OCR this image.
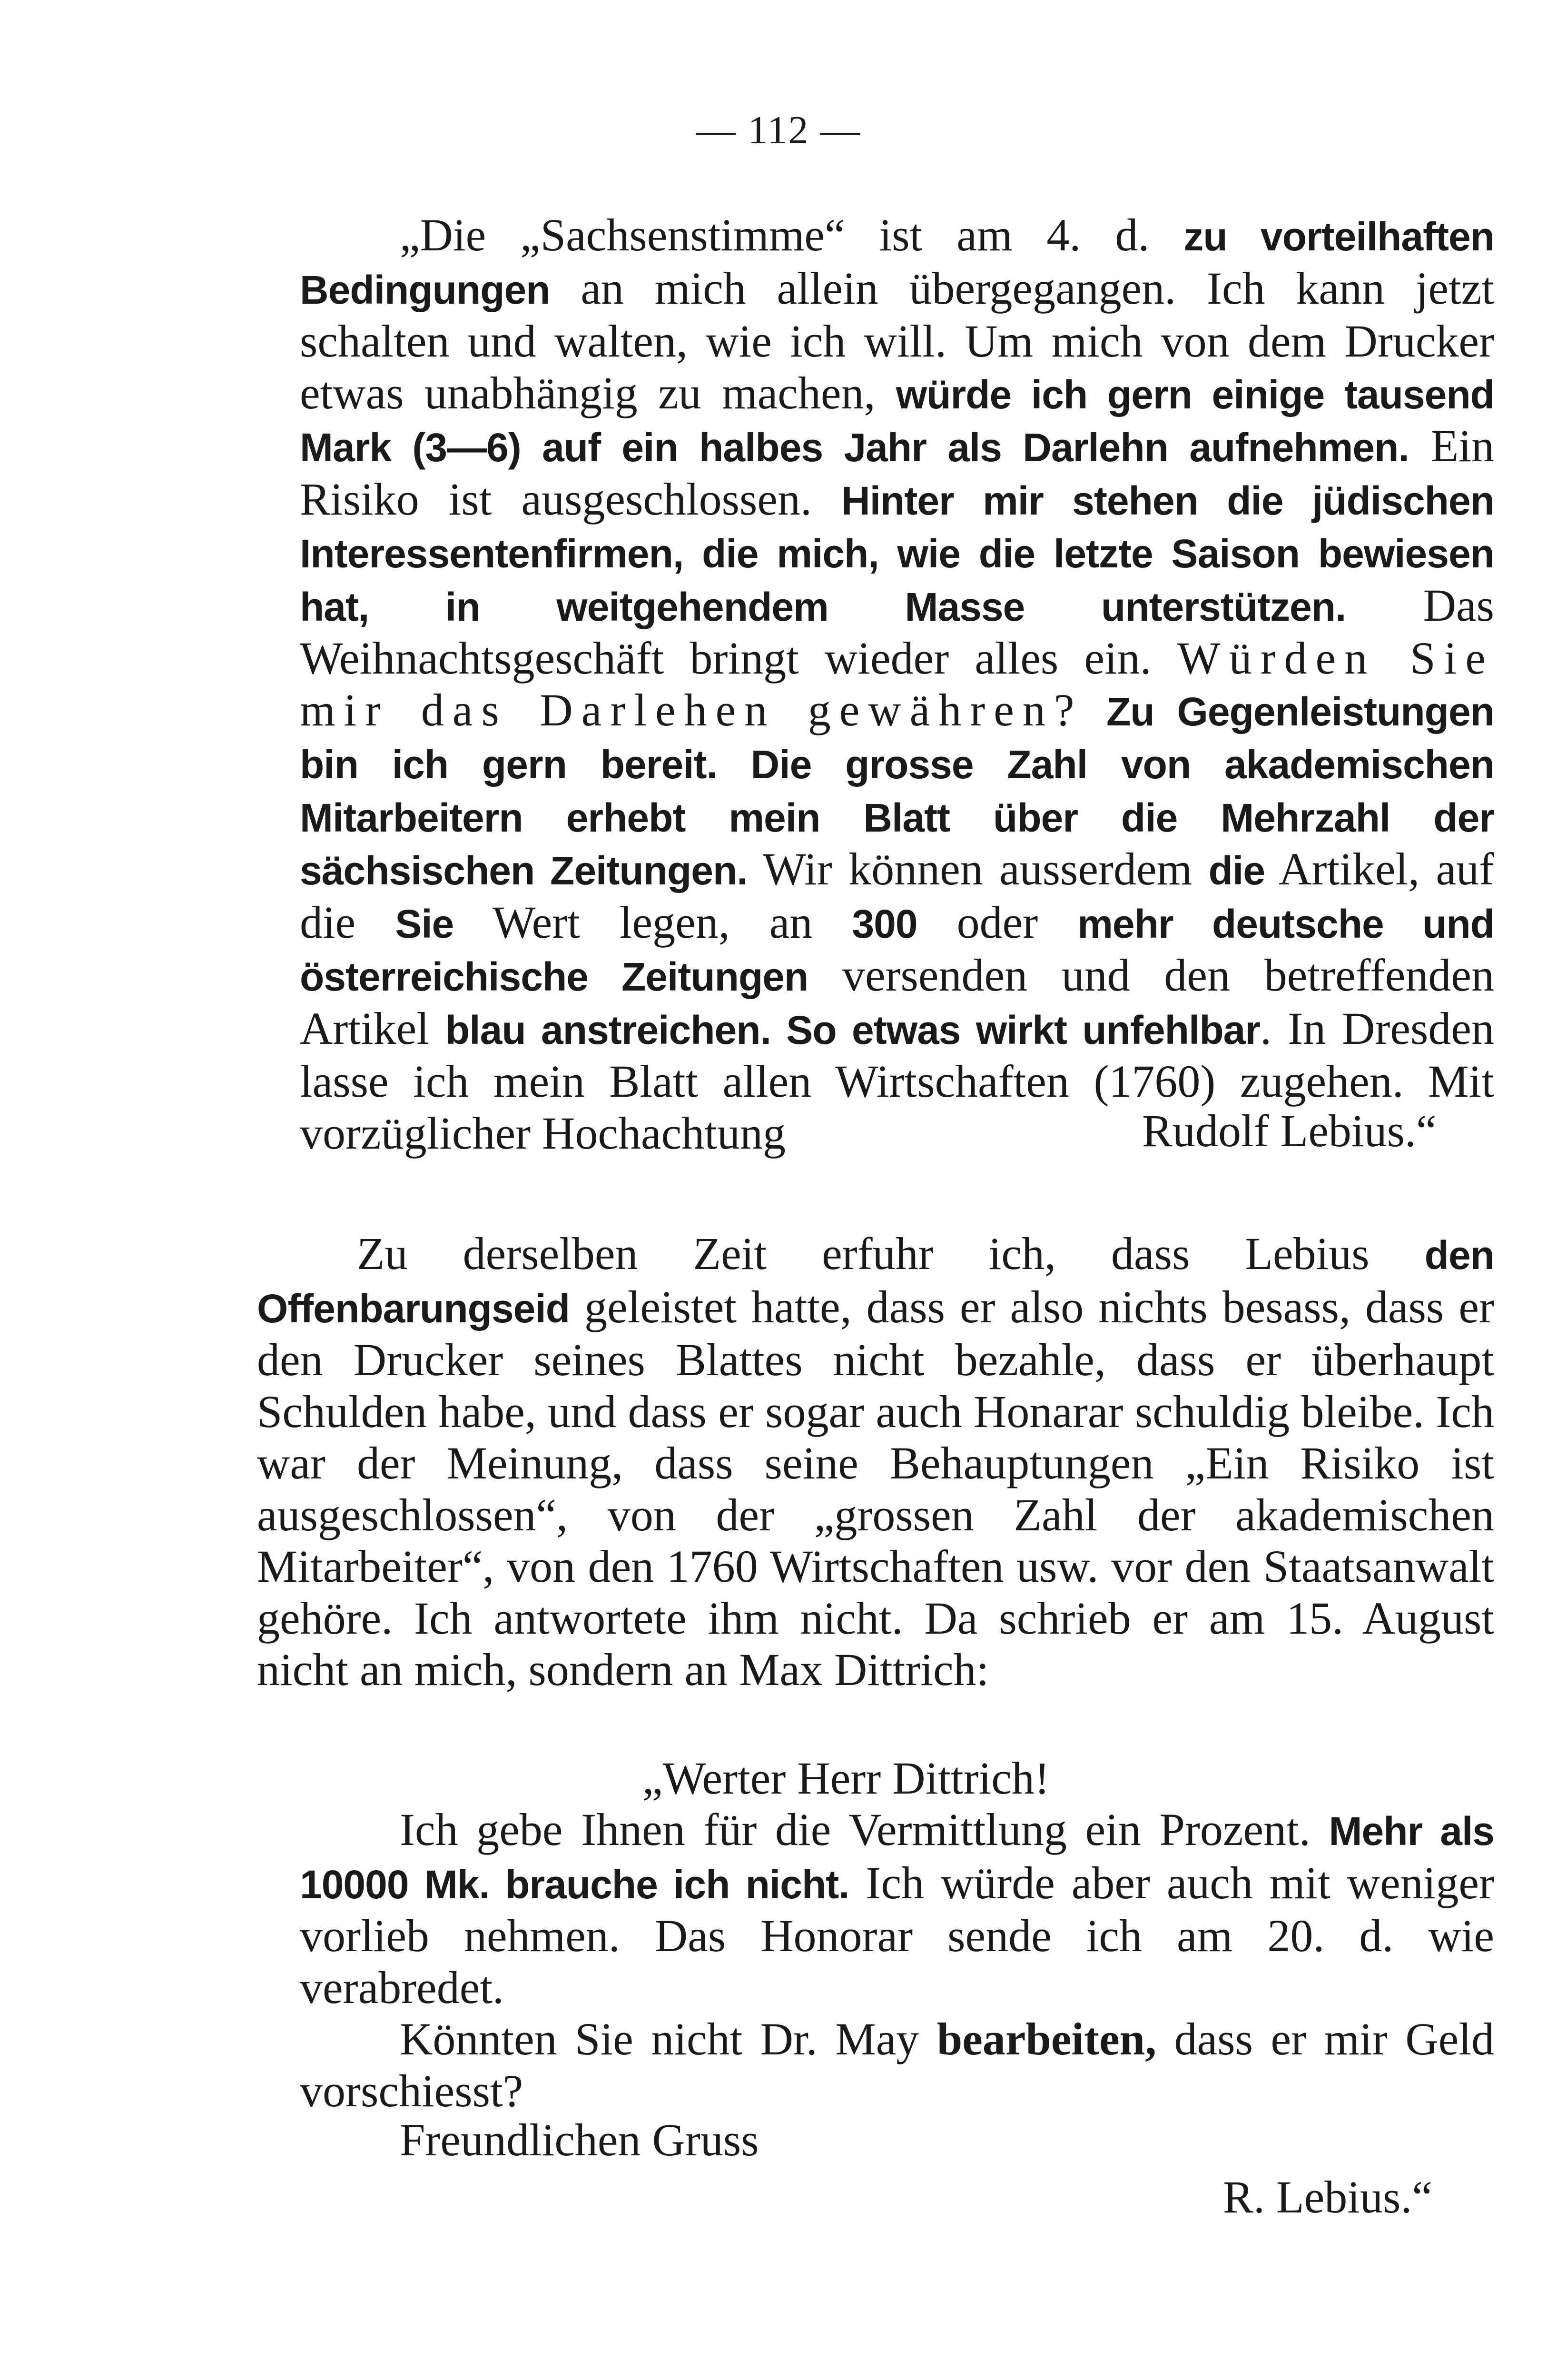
— 112 —

„Die „Sachsenstimme“ ist am 4. d. zu vorteilhaften Bedingungen an mich allein übergegangen. Ich kann jetzt schalten und walten, wie ich will. Um mich von dem Drucker etwas unabhängig zu machen, würde ich gern einige tausend Mark (3—6) auf ein halbes Jahr als Darlehn aufnehmen. Ein Risiko ist ausgeschlossen. Hinter mir stehen die jüdischen Interessentenfirmen, die mich, wie die letzte Saison bewiesen hat, in weitgehendem Masse unterstützen. Das Weihnachtsgeschäft bringt wieder alles ein. Würden Sie mir das Darlehen gewähren? Zu Gegenleistungen bin ich gern bereit. Die grosse Zahl von akademischen Mitarbeitern erhebt mein Blatt über die Mehrzahl der sächsischen Zeitungen. Wir können ausserdem die Artikel, auf die Sie Wert legen, an 300 oder mehr deutsche und österreichische Zeitungen versenden und den betreffenden Artikel blau anstreichen. So etwas wirkt unfehlbar. In Dresden lasse ich mein Blatt allen Wirtschaften (1760) zugehen. Mit vorzüglicher Hochachtung	Rudolf Lebius.“

Zu derselben Zeit erfuhr ich, dass Lebius den Offenbarungseid geleistet hatte, dass er also nichts besass, dass er den Drucker seines Blattes nicht bezahle, dass er überhaupt Schulden habe, und dass er sogar auch Honarar schuldig bleibe. Ich war der Meinung, dass seine Behauptungen „Ein Risiko ist ausgeschlossen“, von der „grossen Zahl der akademischen Mitarbeiter“, von den 1760 Wirtschaften usw. vor den Staatsanwalt gehöre. Ich antwortete ihm nicht. Da schrieb er am 15. August nicht an mich, sondern an Max Dittrich:

„Werter Herr Dittrich!

Ich gebe Ihnen für die Vermittlung ein Prozent. Mehr als 10000 Mk. brauche ich nicht. Ich würde aber auch mit weniger vorlieb nehmen. Das Honorar sende ich am 20. d. wie verabredet.

Könnten Sie nicht Dr. May bearbeiten, dass er mir Geld vorschiesst?

Freundlichen Gruss
R. Lebius.“
